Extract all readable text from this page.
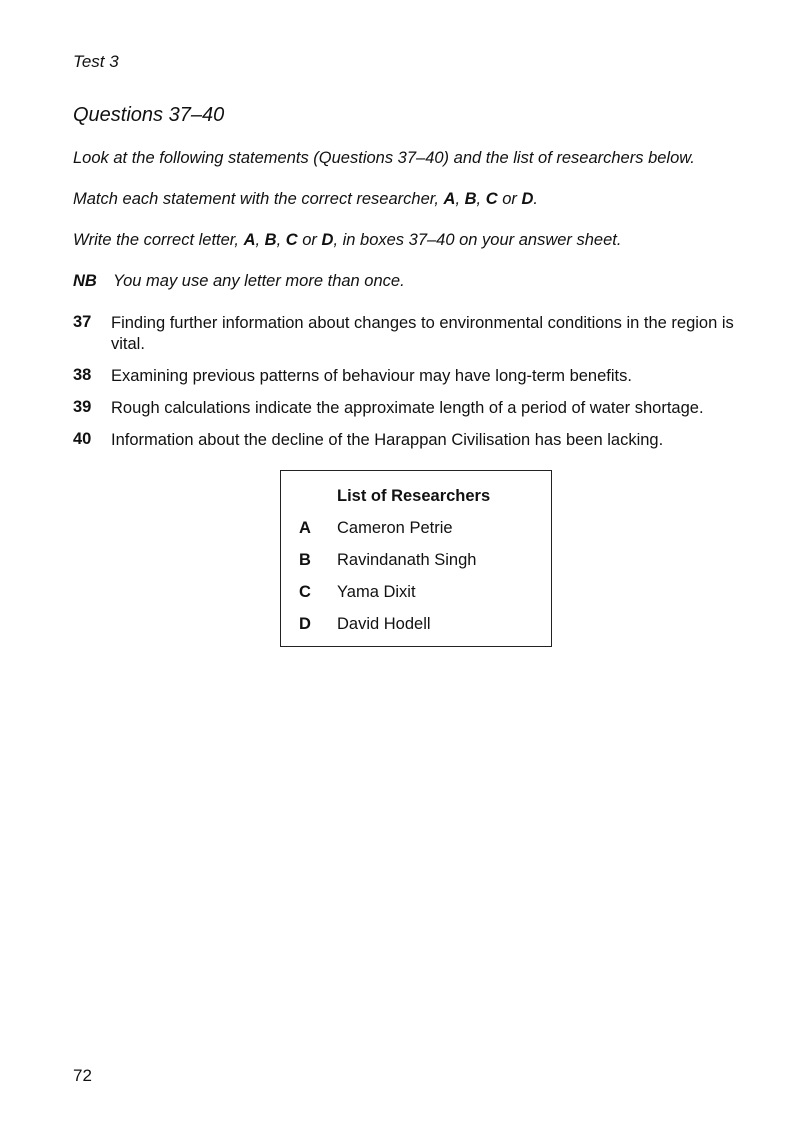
Test 3
Questions 37–40
Look at the following statements (Questions 37–40) and the list of researchers below.
Match each statement with the correct researcher, A, B, C or D.
Write the correct letter, A, B, C or D, in boxes 37–40 on your answer sheet.
NB You may use any letter more than once.
37 Finding further information about changes to environmental conditions in the region is vital.
38 Examining previous patterns of behaviour may have long-term benefits.
39 Rough calculations indicate the approximate length of a period of water shortage.
40 Information about the decline of the Harappan Civilisation has been lacking.
List of Researchers
A Cameron Petrie
B Ravindanath Singh
C Yama Dixit
D David Hodell
72
